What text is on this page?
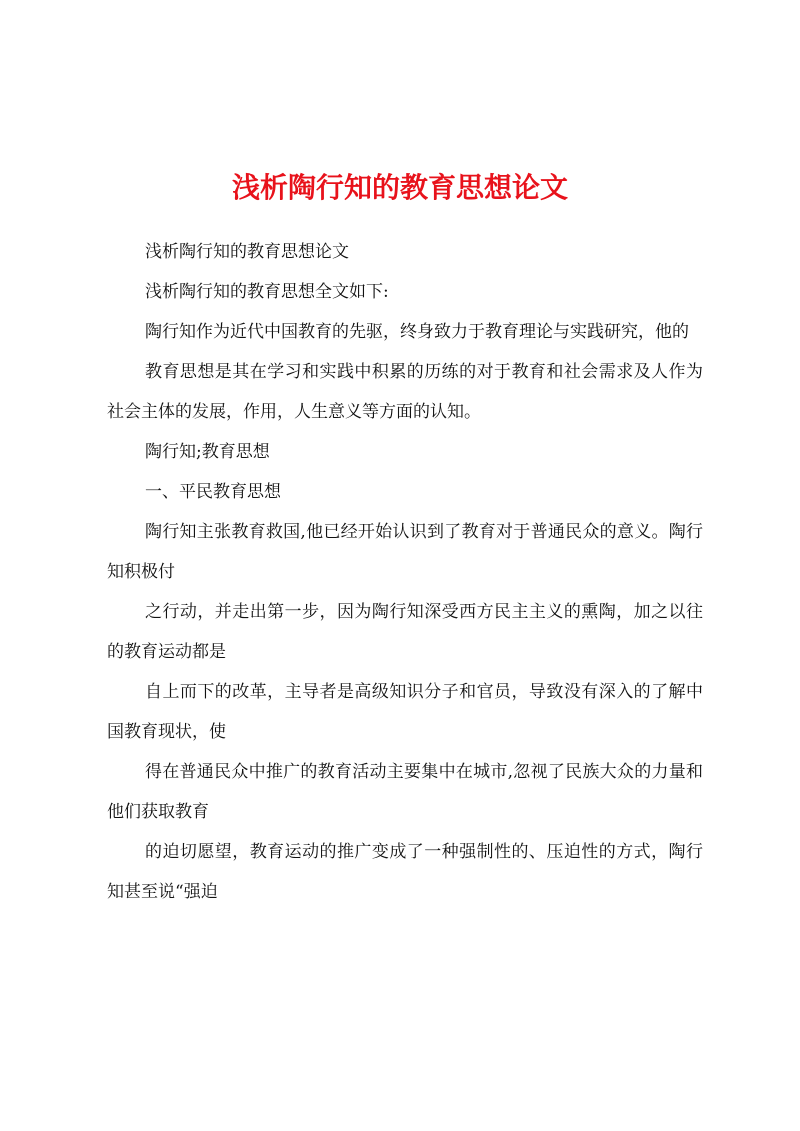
浅析陶行知的教育思想论文

浅析陶行知的教育思想论文

浅析陶行知的教育思想全文如下:

陶行知作为近代中国教育的先驱，终身致力于教育理论与实践研究，他的

教育思想是其在学习和实践中积累的历练的对于教育和社会需求及人作为社会主体的发展，作用，人生意义等方面的认知。

陶行知;教育思想

一、平民教育思想

陶行知主张教育救国,他已经开始认识到了教育对于普通民众的意义。陶行知积极付

之行动，并走出第一步，因为陶行知深受西方民主主义的熏陶，加之以往的教育运动都是

自上而下的改革，主导者是高级知识分子和官员，导致没有深入的了解中国教育现状，使

得在普通民众中推广的教育活动主要集中在城市,忽视了民族大众的力量和他们获取教育

的迫切愿望，教育运动的推广变成了一种强制性的、压迫性的方式，陶行知甚至说“强迫
